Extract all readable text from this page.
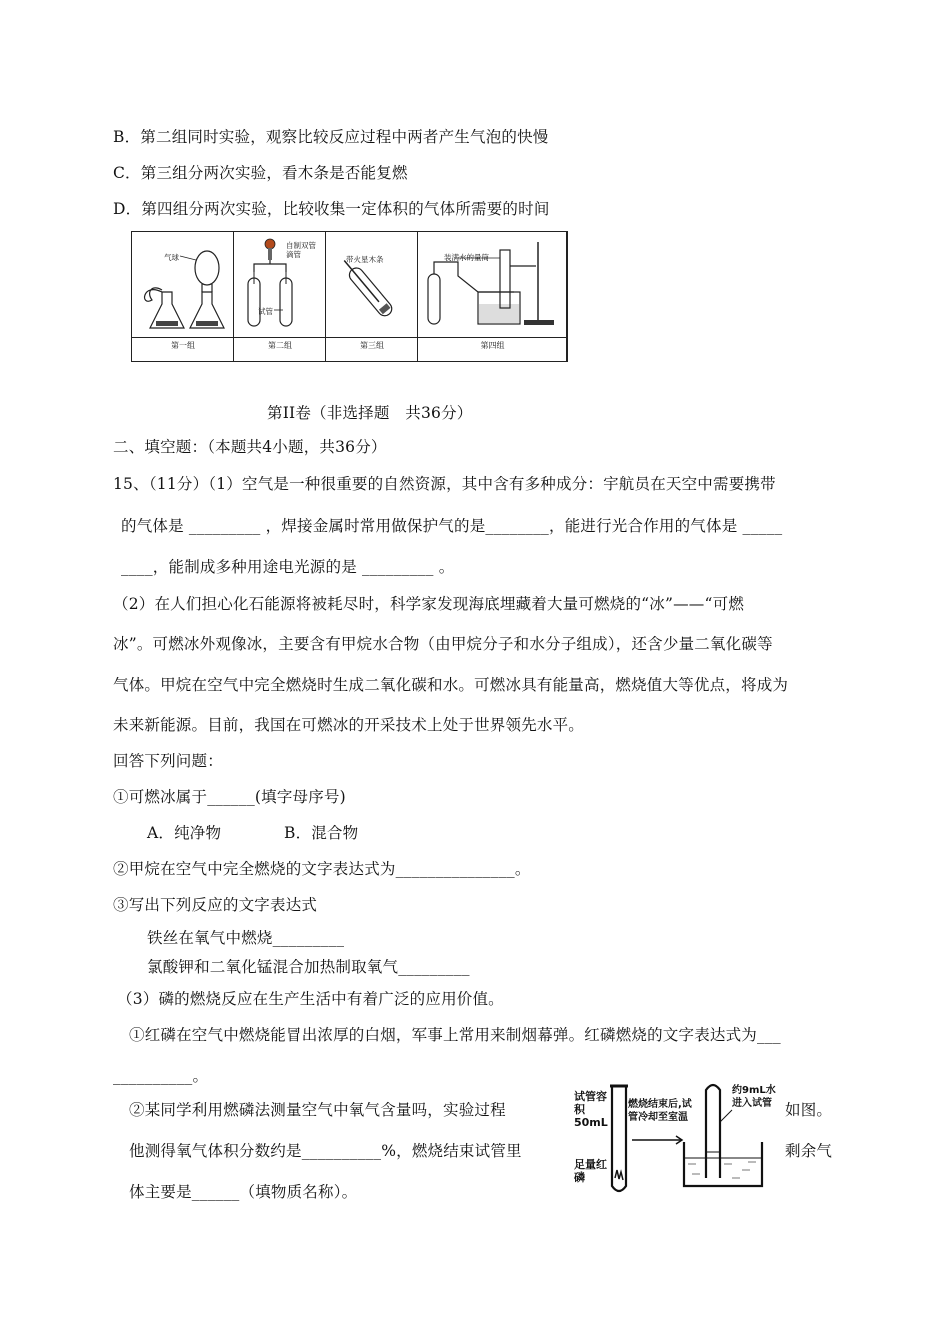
B．第二组同时实验，观察比较反应过程中两者产生气泡的快慢
C．第三组分两次实验，看木条是否能复燃
D．第四组分两次实验，比较收集一定体积的气体所需要的时间
气球
第一组
自制双管滴管
试管
第二组
带火星木条
第三组
装满水的量筒
第四组
第II卷（非选择题　共36分）
二、填空题：（本题共4小题，共36分）
15、（11分）（1）空气是一种很重要的自然资源，其中含有多种成分：宇航员在天空中需要携带
的气体是 _________ ，焊接金属时常用做保护气的是________，能进行光合作用的气体是 _____
____，能制成多种用途电光源的是 _________ 。
（2）在人们担心化石能源将被耗尽时，科学家发现海底埋藏着大量可燃烧的“冰”——“可燃
冰”。可燃冰外观像冰，主要含有甲烷水合物（由甲烷分子和水分子组成），还含少量二氧化碳等
气体。甲烷在空气中完全燃烧时生成二氧化碳和水。可燃冰具有能量高，燃烧值大等优点，将成为
未来新能源。目前，我国在可燃冰的开采技术上处于世界领先水平。
回答下列问题：
①可燃冰属于______(填字母序号)
A．纯净物　　　　B．混合物
②甲烷在空气中完全燃烧的文字表达式为_______________。
③写出下列反应的文字表达式
铁丝在氧气中燃烧_________
氯酸钾和二氧化锰混合加热制取氧气_________
（3）磷的燃烧反应在生产生活中有着广泛的应用价值。
①红磷在空气中燃烧能冒出浓厚的白烟，军事上常用来制烟幕弹。红磷燃烧的文字表达式为___
__________。
②某同学利用燃磷法测量空气中氧气含量吗，实验过程	如图。
他测得氧气体积分数约是__________%，燃烧结束试管里	剩余气
体主要是______（填物质名称）。
试管容积50mL
足量红磷
燃烧结束后,试管冷却至室温
约9mL水进入试管
